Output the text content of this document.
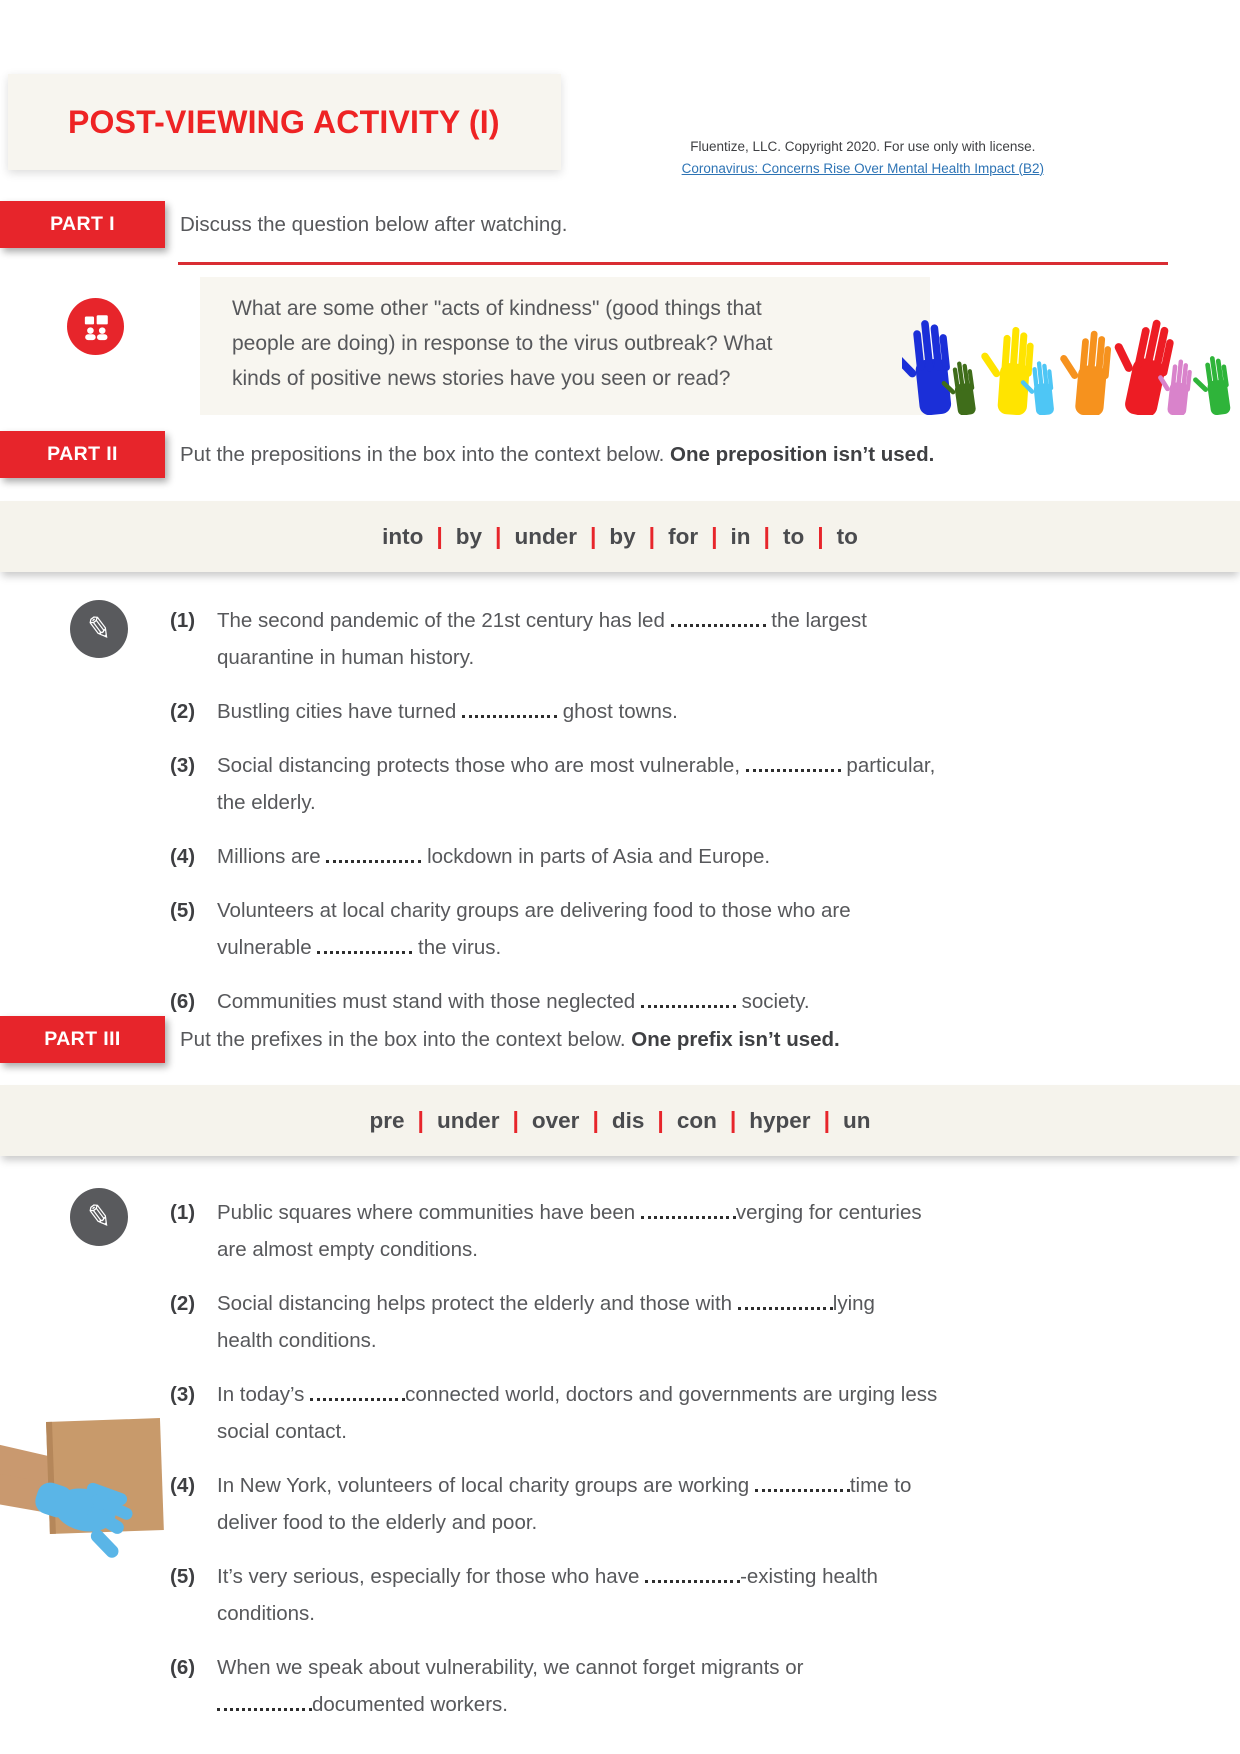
POST-VIEWING ACTIVITY (I)
Fluentize, LLC. Copyright 2020. For use only with license.
Coronavirus: Concerns Rise Over Mental Health Impact (B2)
PART I	Discuss the question below after watching.
What are some other "acts of kindness" (good things that
people are doing) in response to the virus outbreak? What
kinds of positive news stories have you seen or read?
PART II	Put the prepositions in the box into the context below. One preposition isn’t used.
into | by | under | by | for | in | to | to
✎	(1)	The second pandemic of the 21st century has led	the largest
quarantine in human history.
(2)	Bustling cities have turned	ghost towns.
(3)	Social distancing protects those who are most vulnerable,	particular,
the elderly.
(4)	Millions are	lockdown in parts of Asia and Europe.
(5)	Volunteers at local charity groups are delivering food to those who are
vulnerable	the virus.
(6)	Communities must stand with those neglected	society.
PART III	Put the prefixes in the box into the context below. One prefix isn’t used.
pre | under | over | dis | con | hyper | un
✎	(1)	Public squares where communities have been	verging for centuries
are almost empty conditions.
(2)	Social distancing helps protect the elderly and those with	lying
health conditions.
(3)	In today’s	connected world, doctors and governments are urging less
social contact.
(4)	In New York, volunteers of local charity groups are working	time to
deliver food to the elderly and poor.
(5)	It’s very serious, especially for those who have	-existing health
conditions.
(6)	When we speak about vulnerability, we cannot forget migrants or
documented workers.
